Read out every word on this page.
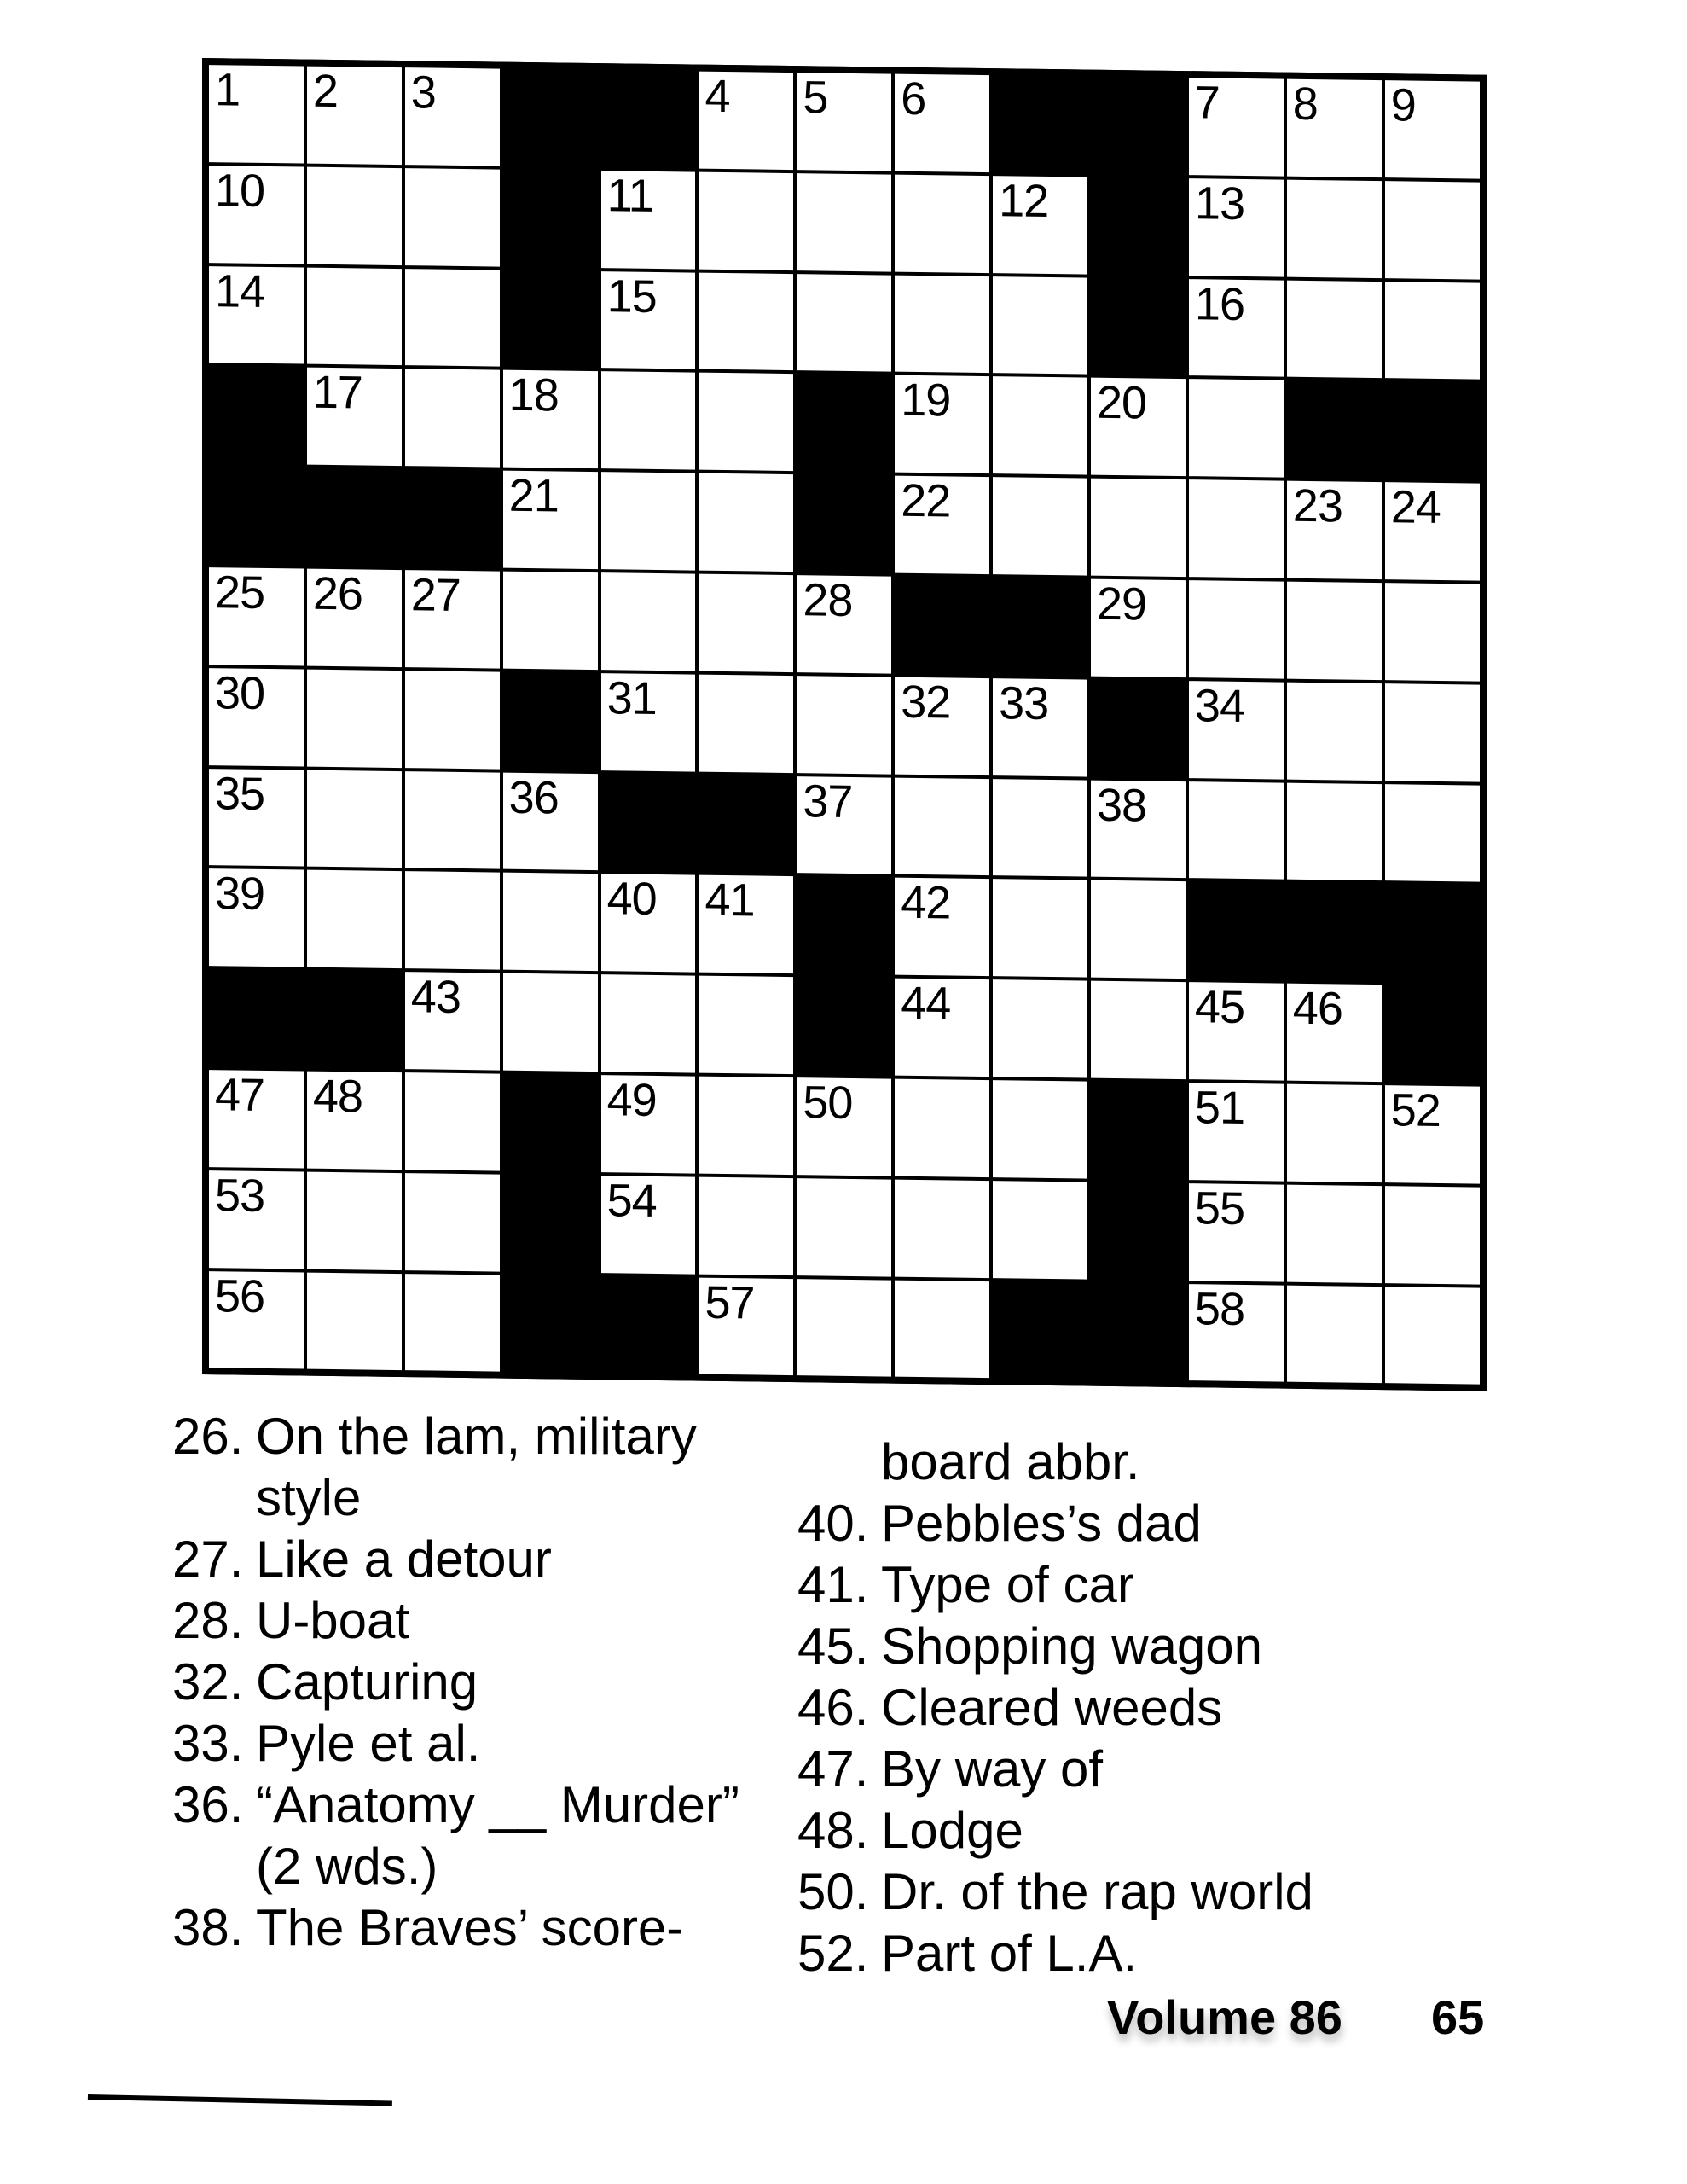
1 2 3	4 5 6	7 8 9
10	11	12	13
14	15	16
17	18	19	20
21	22	23 24
25 26 27	28	29
30	31	32 33	34
35	36	37	38
39	40 41	42
43	44	45 46
47 48	49	50	51	52
53	54	55
56	57	58
26. On the lam, military
style
27. Like a detour
28. U-boat
32. Capturing
33. Pyle et al.
36. “Anatomy __ Murder”
(2 wds.)
38. The Braves’ score-
board abbr.
40. Pebbles’s dad
41. Type of car
45. Shopping wagon
46. Cleared weeds
47. By way of
48. Lodge
50. Dr. of the rap world
52. Part of L.A.
Volume 86 65
